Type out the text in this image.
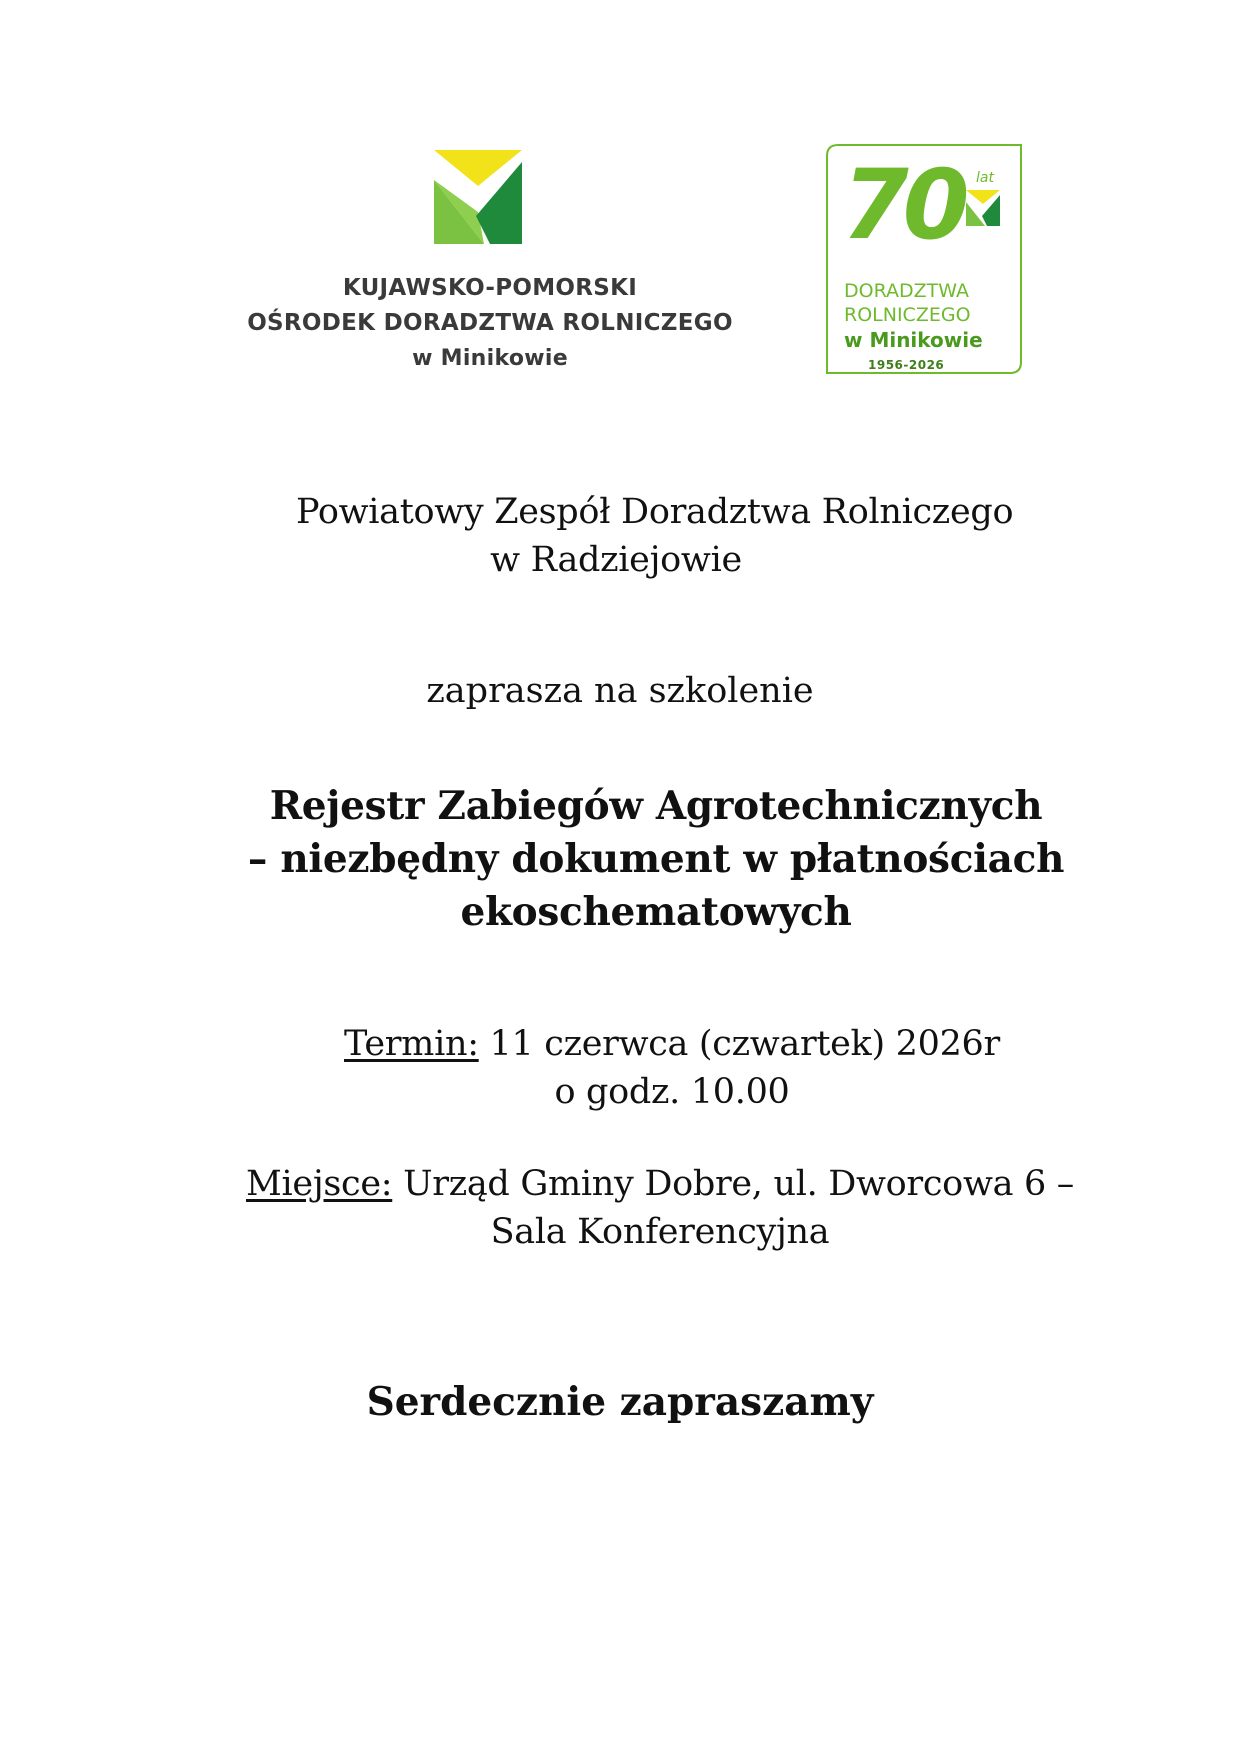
KUJAWSKO-POMORSKI
OŚRODEK DORADZTWA ROLNICZEGO
w Minikowie
70 lat
DORADZTWA
ROLNICZEGO
w Minikowie
1956-2026
Powiatowy Zespół Doradztwa Rolniczego
w Radziejowie
zaprasza na szkolenie
Rejestr Zabiegów Agrotechnicznych
– niezbędny dokument w płatnościach
ekoschematowych
Termin: 11 czerwca (czwartek) 2026r
o godz. 10.00
Miejsce: Urząd Gminy Dobre, ul. Dworcowa 6 –
Sala Konferencyjna
Serdecznie zapraszamy
